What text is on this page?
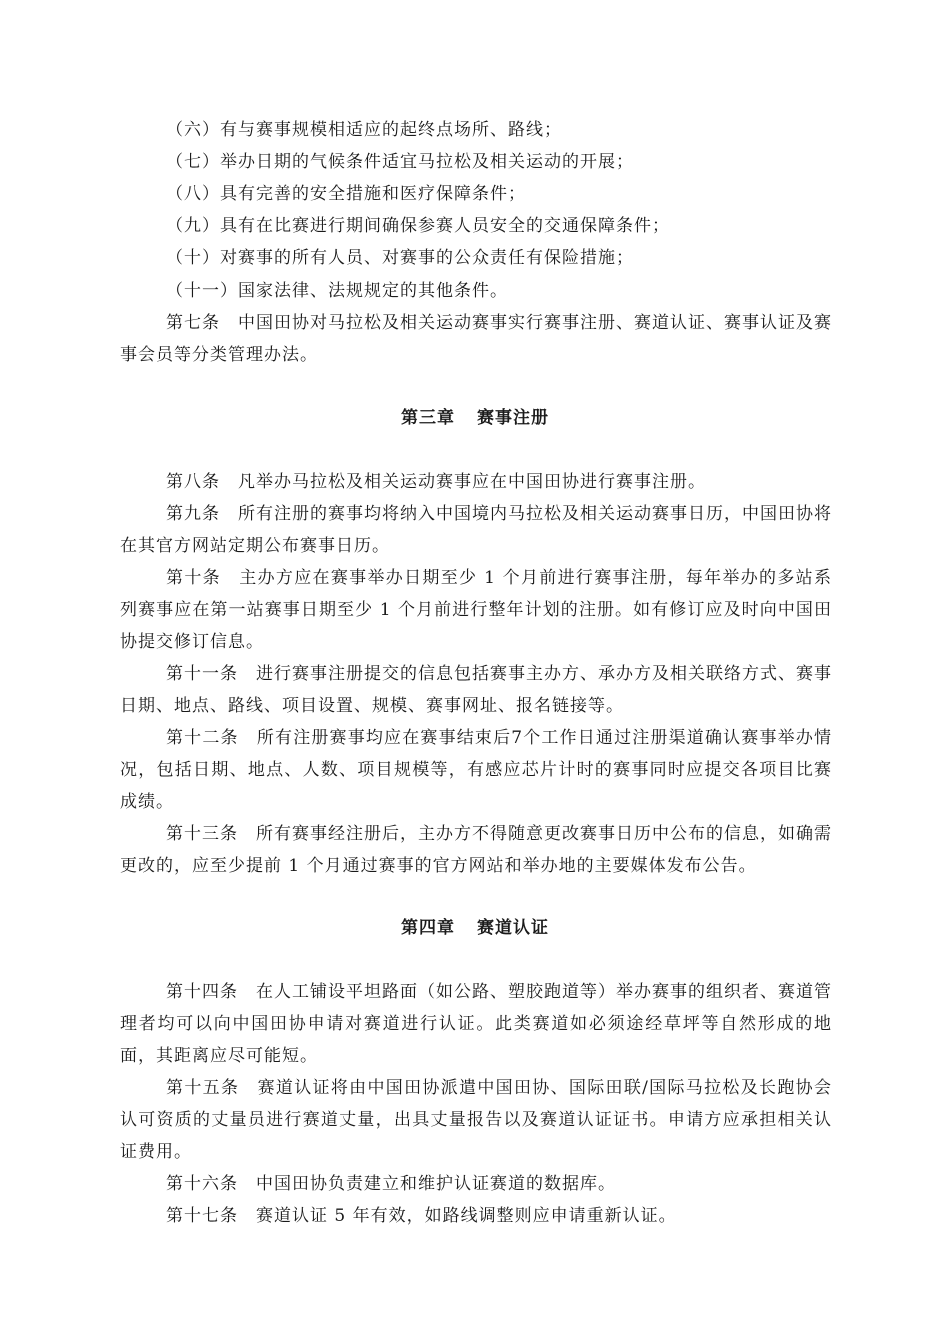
（六）有与赛事规模相适应的起终点场所、路线；

（七）举办日期的气候条件适宜马拉松及相关运动的开展；

（八）具有完善的安全措施和医疗保障条件；

（九）具有在比赛进行期间确保参赛人员安全的交通保障条件；

（十）对赛事的所有人员、对赛事的公众责任有保险措施；

（十一）国家法律、法规规定的其他条件。

第七条　中国田协对马拉松及相关运动赛事实行赛事注册、赛道认证、赛事认证及赛事会员等分类管理办法。

第三章 赛事注册

第八条　凡举办马拉松及相关运动赛事应在中国田协进行赛事注册。

第九条　所有注册的赛事均将纳入中国境内马拉松及相关运动赛事日历，中国田协将在其官方网站定期公布赛事日历。

第十条　主办方应在赛事举办日期至少 1 个月前进行赛事注册，每年举办的多站系列赛事应在第一站赛事日期至少 1 个月前进行整年计划的注册。如有修订应及时向中国田协提交修订信息。

第十一条　进行赛事注册提交的信息包括赛事主办方、承办方及相关联络方式、赛事日期、地点、路线、项目设置、规模、赛事网址、报名链接等。

第十二条　所有注册赛事均应在赛事结束后7个工作日通过注册渠道确认赛事举办情况，包括日期、地点、人数、项目规模等，有感应芯片计时的赛事同时应提交各项目比赛成绩。

第十三条　所有赛事经注册后，主办方不得随意更改赛事日历中公布的信息，如确需更改的，应至少提前 1 个月通过赛事的官方网站和举办地的主要媒体发布公告。

第四章 赛道认证

第十四条　在人工铺设平坦路面（如公路、塑胶跑道等）举办赛事的组织者、赛道管理者均可以向中国田协申请对赛道进行认证。此类赛道如必须途经草坪等自然形成的地面，其距离应尽可能短。

第十五条　赛道认证将由中国田协派遣中国田协、国际田联/国际马拉松及长跑协会认可资质的丈量员进行赛道丈量，出具丈量报告以及赛道认证证书。申请方应承担相关认证费用。

第十六条　中国田协负责建立和维护认证赛道的数据库。

第十七条　赛道认证 5 年有效，如路线调整则应申请重新认证。
